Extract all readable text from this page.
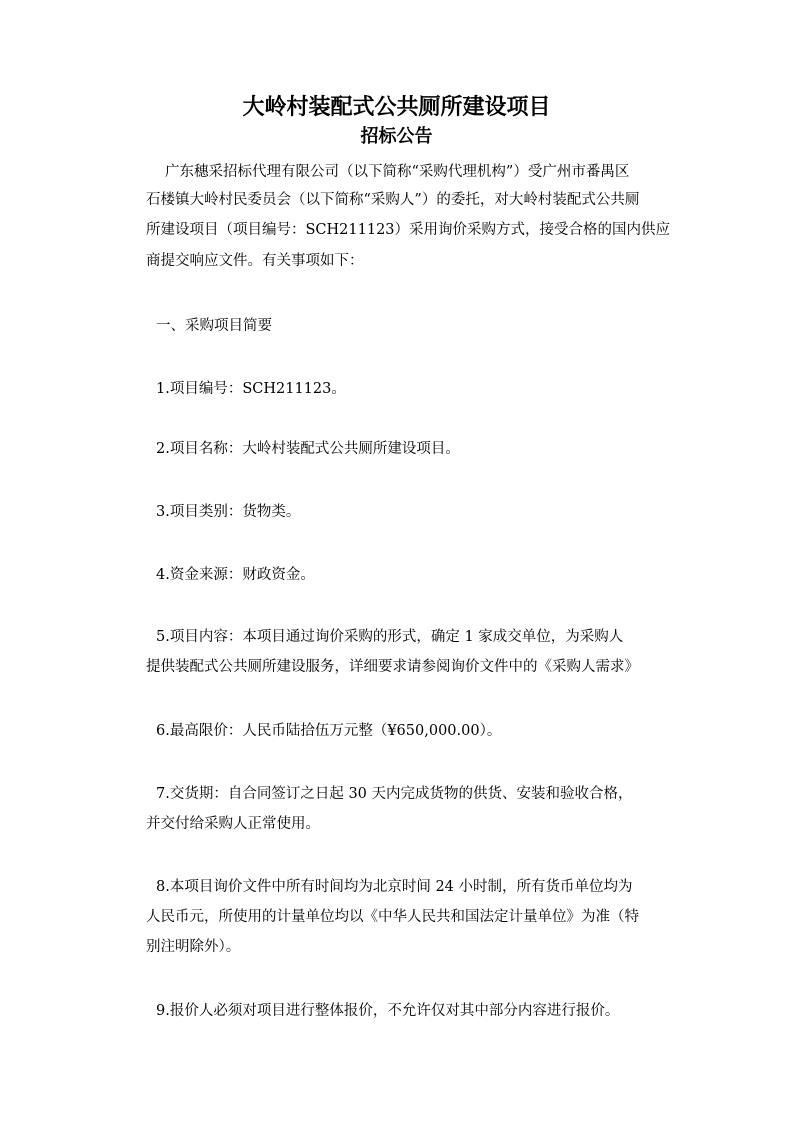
大岭村装配式公共厕所建设项目
招标公告
广东穗采招标代理有限公司（以下简称“采购代理机构”）受广州市番禺区
石楼镇大岭村民委员会（以下简称“采购人”）的委托，对大岭村装配式公共厕
所建设项目（项目编号：SCH211123）采用询价采购方式，接受合格的国内供应
商提交响应文件。有关事项如下：
一、采购项目简要
1.项目编号：SCH211123。
2.项目名称：大岭村装配式公共厕所建设项目。
3.项目类别：货物类。
4.资金来源：财政资金。
5.项目内容：本项目通过询价采购的形式，确定 1 家成交单位，为采购人
提供装配式公共厕所建设服务，详细要求请参阅询价文件中的《采购人需求》
6.最高限价：人民币陆拾伍万元整（¥650,000.00）。
7.交货期：自合同签订之日起 30 天内完成货物的供货、安装和验收合格，
并交付给采购人正常使用。
8.本项目询价文件中所有时间均为北京时间 24 小时制，所有货币单位均为
人民币元，所使用的计量单位均以《中华人民共和国法定计量单位》为准（特
别注明除外）。
9.报价人必须对项目进行整体报价，不允许仅对其中部分内容进行报价。
